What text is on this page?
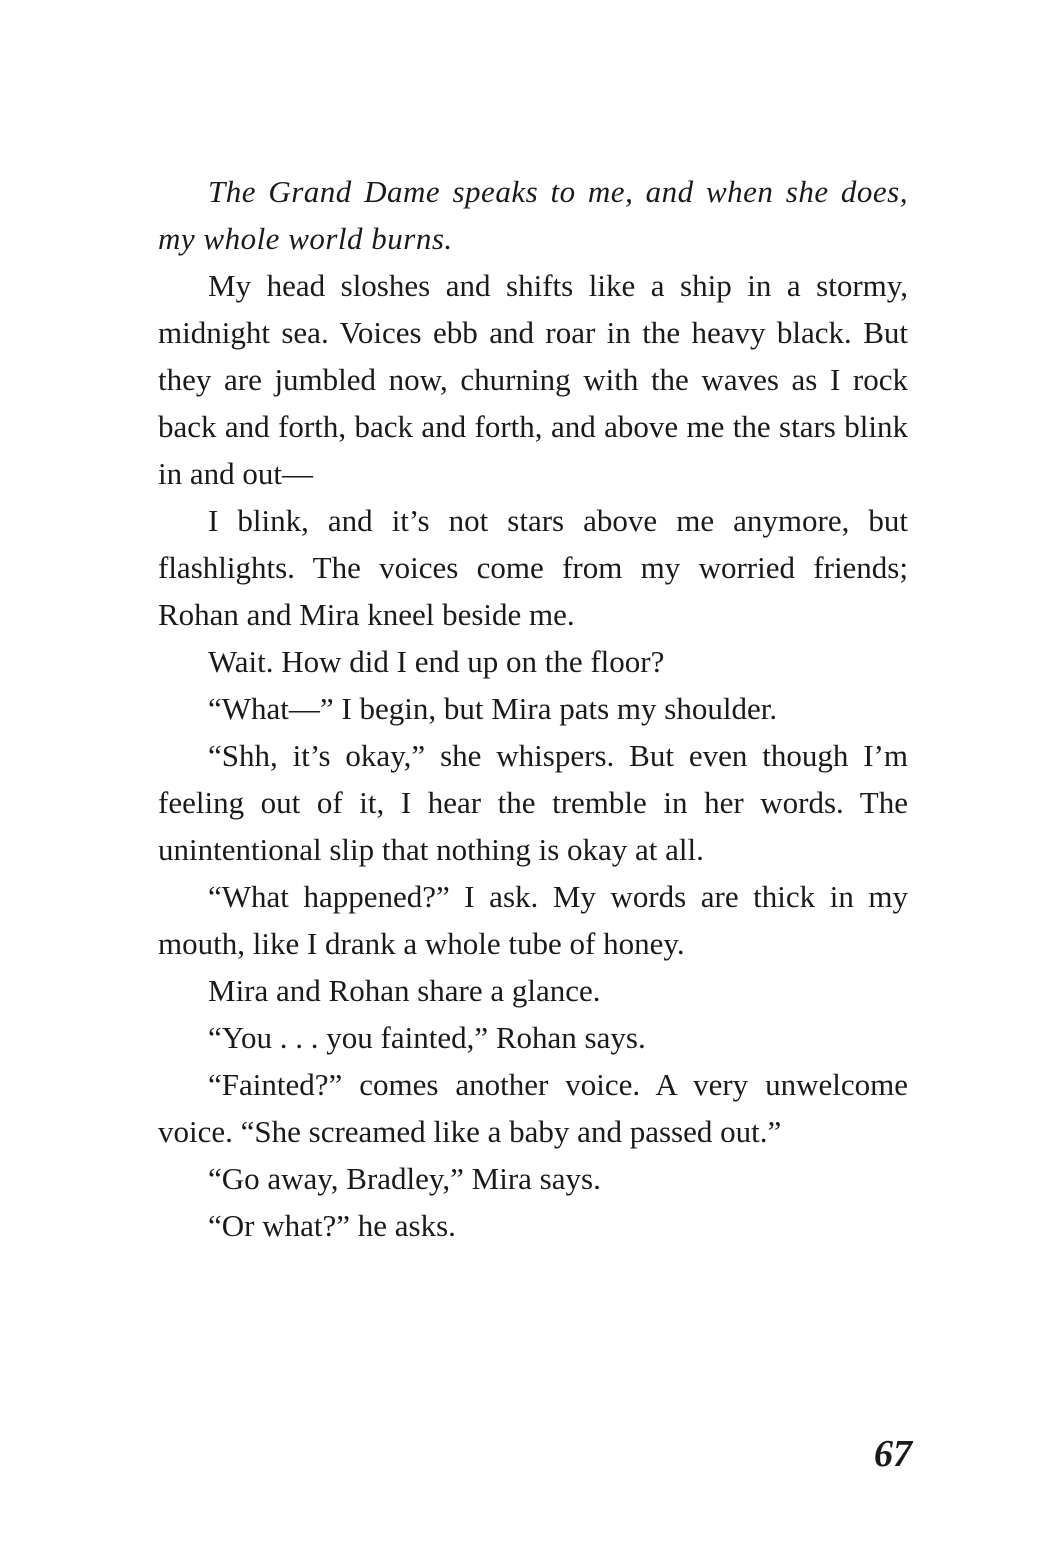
The Grand Dame speaks to me, and when she does, my whole world burns.

My head sloshes and shifts like a ship in a stormy, midnight sea. Voices ebb and roar in the heavy black. But they are jumbled now, churning with the waves as I rock back and forth, back and forth, and above me the stars blink in and out—

I blink, and it’s not stars above me anymore, but flashlights. The voices come from my worried friends; Rohan and Mira kneel beside me.

Wait. How did I end up on the floor?

“What—” I begin, but Mira pats my shoulder.

“Shh, it’s okay,” she whispers. But even though I’m feeling out of it, I hear the tremble in her words. The unintentional slip that nothing is okay at all.

“What happened?” I ask. My words are thick in my mouth, like I drank a whole tube of honey.

Mira and Rohan share a glance.

“You . . . you fainted,” Rohan says.

“Fainted?” comes another voice. A very unwelcome voice. “She screamed like a baby and passed out.”

“Go away, Bradley,” Mira says.

“Or what?” he asks.

67
